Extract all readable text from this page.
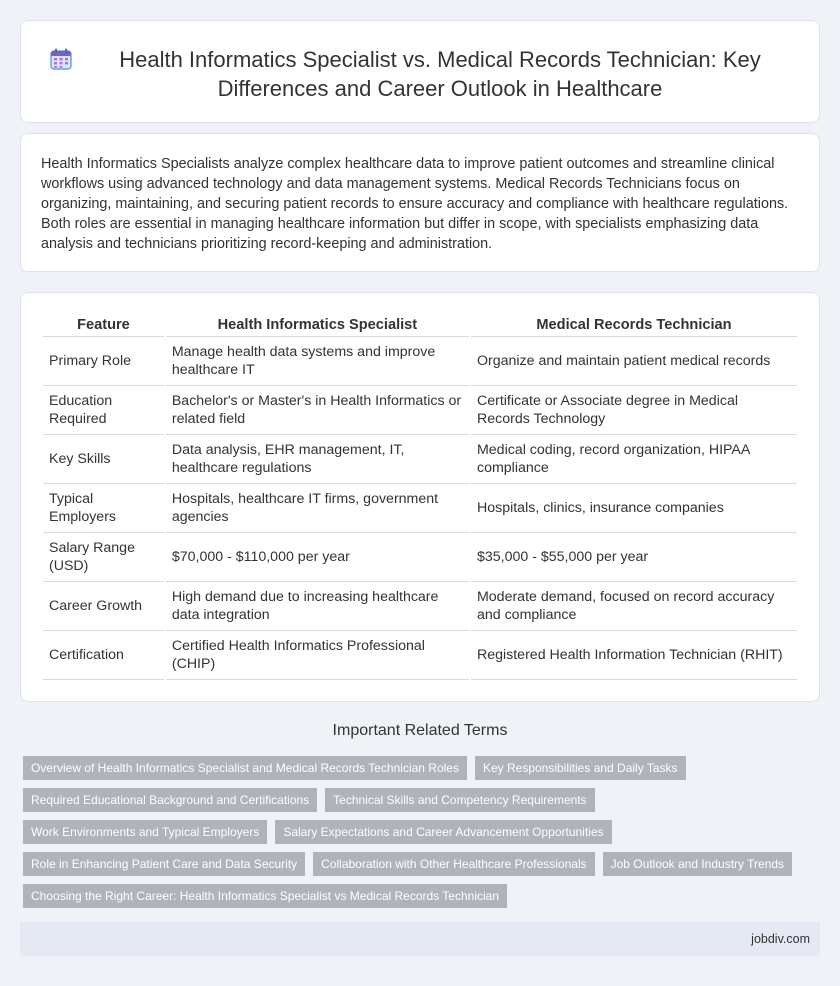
Health Informatics Specialist vs. Medical Records Technician: Key Differences and Career Outlook in Healthcare

Health Informatics Specialists analyze complex healthcare data to improve patient outcomes and streamline clinical workflows using advanced technology and data management systems. Medical Records Technicians focus on organizing, maintaining, and securing patient records to ensure accuracy and compliance with healthcare regulations. Both roles are essential in managing healthcare information but differ in scope, with specialists emphasizing data analysis and technicians prioritizing record-keeping and administration.

Feature	Health Informatics Specialist	Medical Records Technician
Primary Role	Manage health data systems and improve healthcare IT	Organize and maintain patient medical records
Education Required	Bachelor's or Master's in Health Informatics or related field	Certificate or Associate degree in Medical Records Technology
Key Skills	Data analysis, EHR management, IT, healthcare regulations	Medical coding, record organization, HIPAA compliance
Typical Employers	Hospitals, healthcare IT firms, government agencies	Hospitals, clinics, insurance companies
Salary Range (USD)	$70,000 - $110,000 per year	$35,000 - $55,000 per year
Career Growth	High demand due to increasing healthcare data integration	Moderate demand, focused on record accuracy and compliance
Certification	Certified Health Informatics Professional (CHIP)	Registered Health Information Technician (RHIT)
Important Related Terms
Overview of Health Informatics Specialist and Medical Records Technician Roles	Key Responsibilities and Daily Tasks
Required Educational Background and Certifications	Technical Skills and Competency Requirements
Work Environments and Typical Employers	Salary Expectations and Career Advancement Opportunities
Role in Enhancing Patient Care and Data Security	Collaboration with Other Healthcare Professionals	Job Outlook and Industry Trends
Choosing the Right Career: Health Informatics Specialist vs Medical Records Technician
jobdiv.com
